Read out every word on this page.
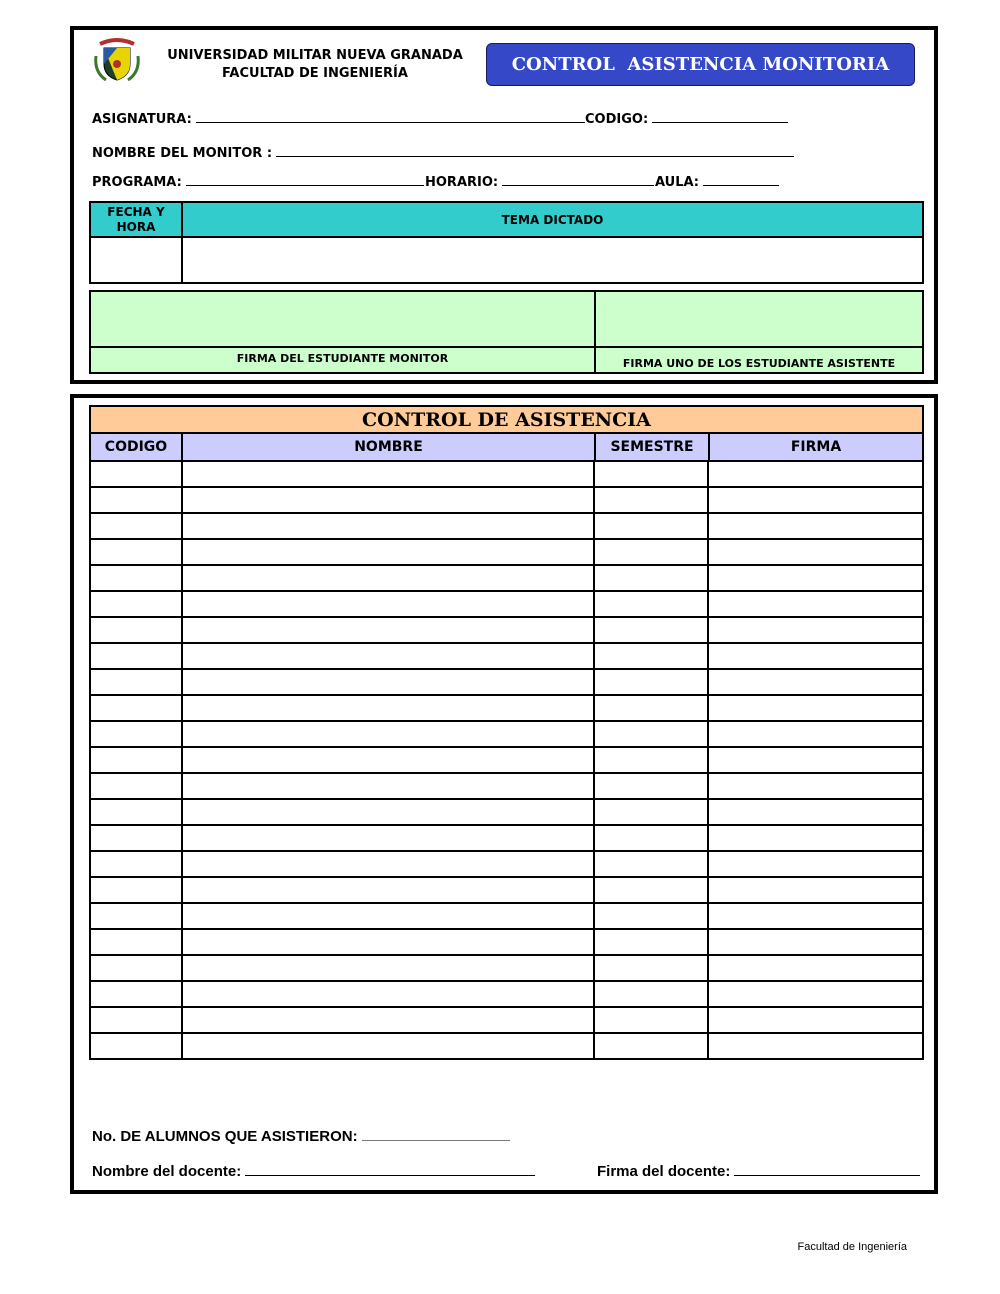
UNIVERSIDAD MILITAR NUEVA GRANADA
FACULTAD DE INGENIERÍA	CONTROL  ASISTENCIA MONITORIA
ASIGNATURA:	CODIGO:
NOMBRE DEL MONITOR :
PROGRAMA:	HORARIO:	AULA:
FECHA Y HORA	TEMA DICTADO
FIRMA DEL ESTUDIANTE MONITOR	FIRMA UNO DE LOS ESTUDIANTE ASISTENTE
CONTROL DE ASISTENCIA
CODIGO	NOMBRE	SEMESTRE	FIRMA

No. DE ALUMNOS QUE ASISTIERON:
Nombre del docente:	Firma del docente:
Facultad de Ingeniería
